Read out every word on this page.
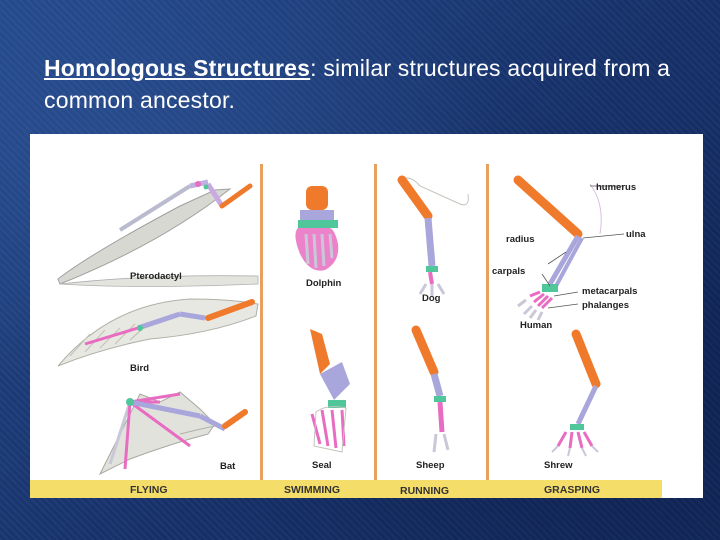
Homologous Structures: similar structures acquired from a common ancestor.
FLYING	SWIMMING	RUNNING	GRASPING
Pterodactyl
Bird
Bat
Dolphin
Seal
Dog
Sheep
humerus
radius	ulna
carpals
metacarpals
phalanges
Human
Shrew
